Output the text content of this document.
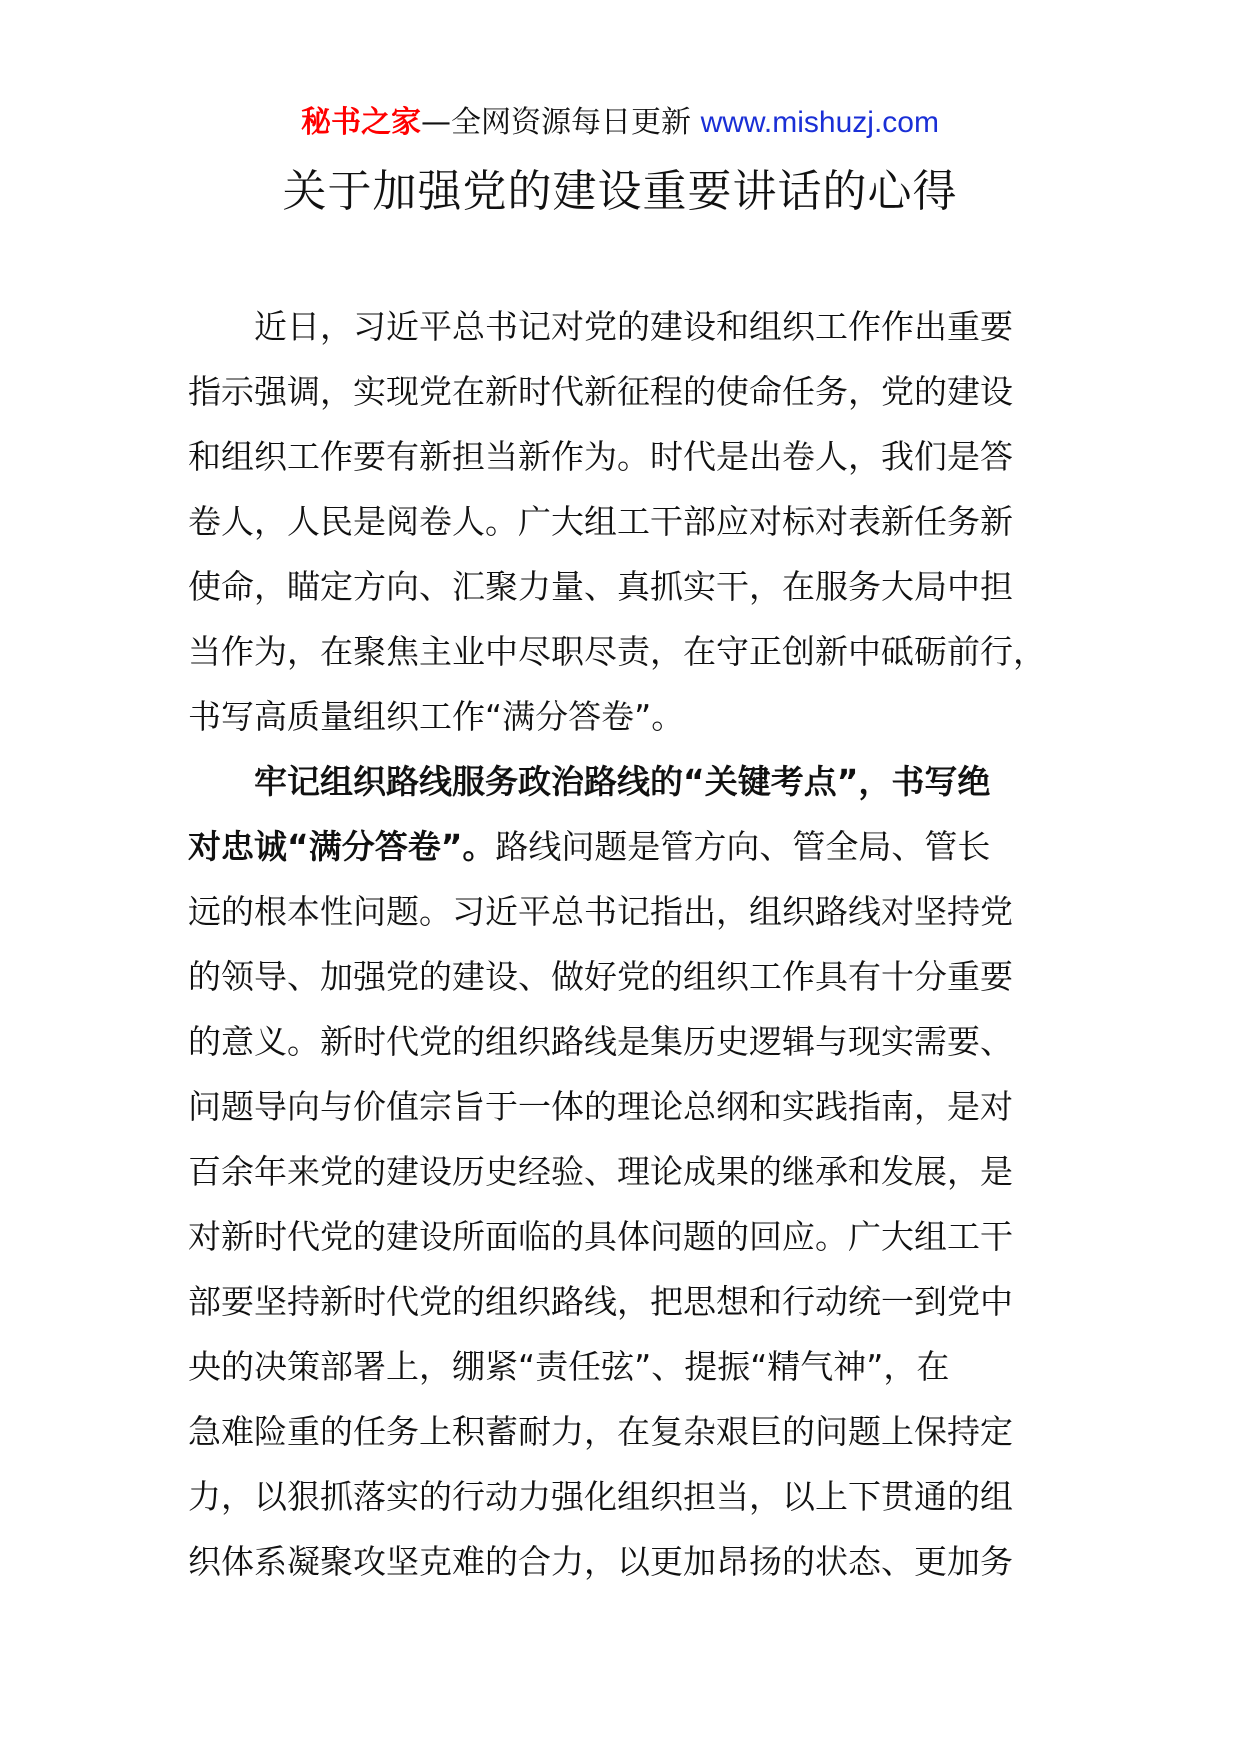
秘书之家—全网资源每日更新 www.mishuzj.com
关于加强党的建设重要讲话的心得
近日，习近平总书记对党的建设和组织工作作出重要
指示强调，实现党在新时代新征程的使命任务，党的建设
和组织工作要有新担当新作为。时代是出卷人，我们是答
卷人，人民是阅卷人。广大组工干部应对标对表新任务新
使命，瞄定方向、汇聚力量、真抓实干，在服务大局中担
当作为，在聚焦主业中尽职尽责，在守正创新中砥砺前行，
书写高质量组织工作“满分答卷”。
牢记组织路线服务政治路线的“关键考点”，书写绝
对忠诚“满分答卷”。路线问题是管方向、管全局、管长
远的根本性问题。习近平总书记指出，组织路线对坚持党
的领导、加强党的建设、做好党的组织工作具有十分重要
的意义。新时代党的组织路线是集历史逻辑与现实需要、
问题导向与价值宗旨于一体的理论总纲和实践指南，是对
百余年来党的建设历史经验、理论成果的继承和发展，是
对新时代党的建设所面临的具体问题的回应。广大组工干
部要坚持新时代党的组织路线，把思想和行动统一到党中
央的决策部署上，绷紧“责任弦”、提振“精气神”，在
急难险重的任务上积蓄耐力，在复杂艰巨的问题上保持定
力，以狠抓落实的行动力强化组织担当，以上下贯通的组
织体系凝聚攻坚克难的合力，以更加昂扬的状态、更加务
